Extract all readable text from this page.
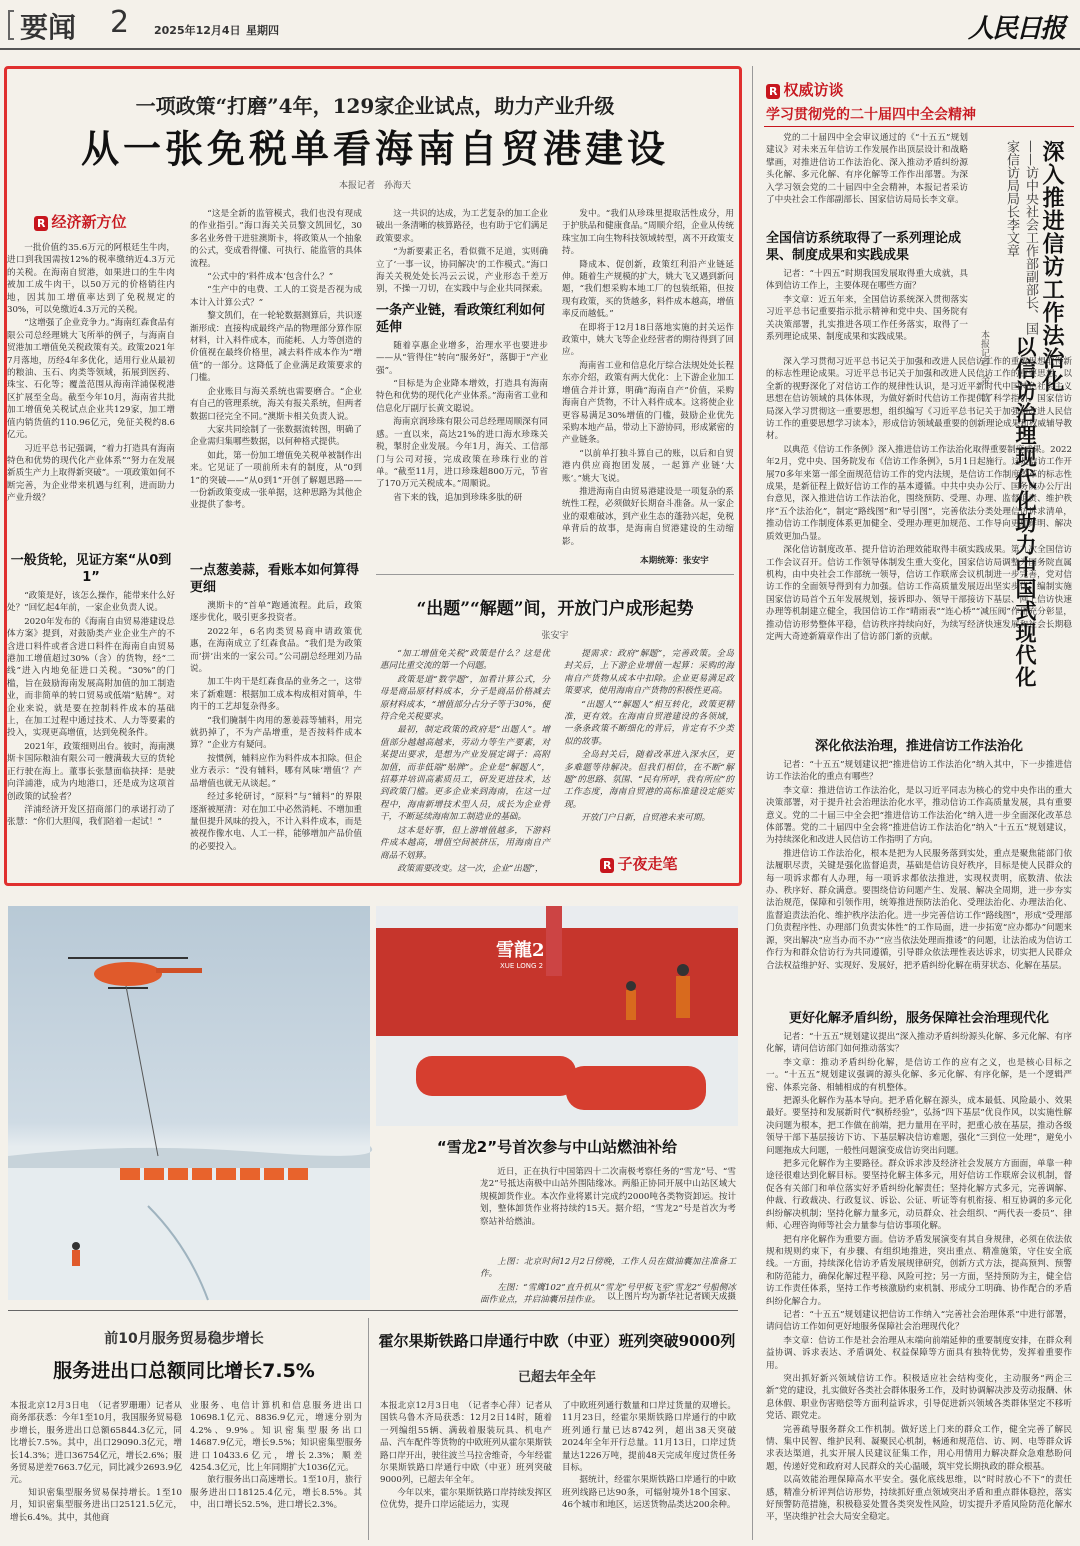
要闻 2 2025年12月4日 星期四	人民日报
一项政策“打磨”4年，129家企业试点，助力产业升级
从一张免税单看海南自贸港建设
本报记者　孙海天
R 经济新方位

一批价值约35.6万元的阿根廷生牛肉，进口到我国需按12%的税率缴纳近4.3万元的关税。在海南自贸港，如果进口的生牛肉被加工成牛肉干，以50万元的价格销往内地，因其加工增值率达到了免税规定的30%，可以免缴近4.3万元的关税。

“这增强了企业竞争力。”海南红森食品有限公司总经理姚大飞所举的例子，与海南自贸港加工增值免关税政策有关。政策2021年7月落地，历经4年多优化，适用行业从最初的粮油、玉石、肉类等领域，拓展到医药、珠宝、石化等；覆盖范围从海南洋浦保税港区扩展至全岛。截至今年10月，海南省共批加工增值免关税试点企业共129家，加工增值内销货值约110.96亿元，免征关税约8.6亿元。

习近平总书记强调，“着力打造具有海南特色和优势的现代化产业体系”“努力在发展新质生产力上取得新突破”。一项政策如何不断完善，为企业带来机遇与红利，进而助力产业升级？

一般货轮，见证方案“从0到1”

“政策是好，该怎么操作，能带来什么好处？”回忆起4年前，一家企业负责人说。

2020年发布的《海南自由贸易港建设总体方案》提到，对鼓励类产业企业生产的不含进口料件或者含进口料件在海南自由贸易港加工增值超过30%（含）的货物，经“二线”进入内地免征进口关税。“30%”的门槛，旨在鼓励海南发展高附加值的加工制造业，而非简单的转口贸易或低端“贴牌”。对企业来说，就是要在控制料件成本的基础上，在加工过程中通过技术、人力等要素的投入，实现更高增值，达到免税条件。

2021年，政策细则出台。彼时，海南澳斯卡国际粮油有限公司一艘满载大豆的货轮正行驶在海上。董事长张慧面临抉择：是驶向洋浦港，成为内地港口，还是成为这项首创政策的试验者？

洋浦经济开发区招商部门的承诺打动了张慧：“你们大胆闯，我们陪着一起试！”

“这是全新的监管模式，我们也没有现成的作业指引。”海口海关关员黎文凯回忆，30多名业务骨干进驻澳斯卡，将政策从一个抽象的公式，变成看得懂、可执行、能监管的具体流程。

“公式中的‘料件成本’包含什么？”

“生产中的电费、工人的工资是否视为成本计入计算公式？”

黎文凯们，在一轮轮数据测算后，共识逐渐形成：直接构成最终产品的物理部分算作原材料，计入料件成本，而能耗、人力等创造的价值视在最终价格里，减去料件成本作为“增值”的一部分。这降低了企业满足政策要求的门槛。

企业账目与海关系统也需要磨合。“企业有自己的管理系统，海关有报关系统，但两者数据口径完全不同。”澳斯卡相关负责人说。

大家共同绘制了一张数据流转图，明确了企业需归集哪些数据，以何种格式提供。

如此，第一份加工增值免关税单被制作出来。它见证了一项前所未有的制度，从“0到1”的突破——“从0到1”开创了解题思路——一份新政策变成一张单据，这种思路为其他企业提供了参考。

一点葱姜蒜，看账本如何算得更细

澳斯卡的“首单”跑通流程。此后，政策逐步优化，吸引更多投资者。

2022年，6名肉类贸易商申请政策优惠，在海南成立了红森食品。“我们是为政策而‘拼’出来的一家公司。”公司副总经理刘乃品说。

加工牛肉干是红森食品的业务之一，这带来了新难题：根据加工成本构成相对简单，牛肉干的工艺却复杂得多。

“我们腌制牛肉用的葱姜蒜等辅料，用完就扔掉了，不为产品增重，是否按料件成本算？”企业方有疑问。

按惯例，辅料应作为料件成本扣除。但企业方表示：“没有辅料，哪有风味‘增值’？产品增值也就无从谈起。”

经过多轮研讨，“原料”与“辅料”的界限逐渐被厘清：对在加工中必然消耗、不增加重量但提升风味的投入，不计入料件成本，而是被视作像水电、人工一样，能够增加产品价值的必要投入。

这一共识的达成，为工艺复杂的加工企业破出一条清晰的核算路径，也有助于它们满足政策要求。

“为新要素正名，看似微不足道，实则确立了‘一事一议，协同解决’的工作模式。”海口海关关税处处长冯云云说，产业形态千差万别，不操一刀切，在实践中与企业共同探索。

一条产业链，看政策红利如何延伸

随着享惠企业增多，治理水平也要进步——从“管得住”转向“服务好”，落脚于“产业强”。

“目标是为企业降本增效，打造具有海南特色和优势的现代化产业体系。”海南省工业和信息化厅副厅长黄文聪说。

海南京润珍珠有限公司总经理周顺深有同感。一直以来，高达21%的进口海水珍珠关税，掣肘企业发展。今年1月，海关、工信部门与公司对接，完成政策在珍珠行业的首单。“截至11月，进口珍珠超800万元，节省了170万元关税成本。”周顺说。

省下来的钱，追加到珍珠多肽的研

发中。“我们从珍珠里提取活性成分，用于护肤品和健康食品。”周顺介绍，企业从传统珠宝加工向生物科技领域转型，离不开政策支持。

降成本、促创新，政策红利沿产业链延伸。随着生产规模的扩大，姚大飞又遇到新问题，“我们想采购本地工厂的包装纸箱，但按现有政策，买的货越多，料件成本越高，增值率反而越低。”

在即将于12月18日落地实施的封关运作政策中，姚大飞等企业经营者的期待得到了回应。

海南省工业和信息化厅综合法规处处长程东亦介绍，政策有两大优化：上下游企业加工增值合并计算，明确“海南自产”价值，采购海南自产货物，不计入料件成本。这将使企业更容易满足30%增值的门槛，鼓励企业优先采购本地产品，带动上下游协同，形成紧密的产业链条。

“以前单打独斗算自己的账，以后和自贸港内供应商抱团发展，一起算产业链‘大账’。”姚大飞说。

推进海南自由贸易港建设是一项复杂的系统性工程，必须做好长期奋斗准备。从一家企业的艰难破冰，到产业生态的蓬勃兴起，免税单背后的故事，是海南自贸港建设的生动缩影。

本期统筹：张安宇
“出题”“解题”间，开放门户成形起势
张安宇

“加工增值免关税”政策是什么？这是优惠同比重交流的第一个问题。

政策是道“数学题”，加看计算公式，分母是商品原材料成本，分子是商品价格减去原材料成本，“增值部分占分子等于30%，便符合免关税要求。

最初，制定政策的政府是“出题人”。增值部分越越高越来，劳动力等生产要素，对某提出要求，是想为产业发展定调子：高附加值，而非低端“贴牌”。企业是“解题人”，招募并培训高素质员工，研发更进技术，达到政策门槛。更多企业来到海南，在这一过程中，海南新增技术型人员，成长为企业骨干，不断延续海南加工制造业的基础。

这本是好事，但上游增值越多，下游料件成本越高，增值空间被挤压，用海南自产商品不划算。

政策需要改变。这一次，企业“出题”，

提需求：政府“解题”，完善政策。全岛封关后，上下游企业增值一起算：采购的海南自产货物从成本中扣除。企业更易满足政策要求，使用海南自产货物的积极性更高。

“出题人”“解题人”相互转化，政策更精准，更有效。在海南自贸港建设的各领域，一条条政策不断细化的背后，肯定有不少类似的故事。

全岛封关后，随着改革进入深水区，更多难题等待解决。但我们相信，在不断“解题”的思路、氛围、“民有所呼，我有所应”的工作态度，海南自贸港的高标准建设定能实现。

开放门户日新，自贸港未来可期。

R 子夜走笔
雪龍2
XUE LONG 2
“雪龙2”号首次参与中山站燃油补给

近日，正在执行中国第四十二次南极考察任务的“雪龙”号、“雪龙2”号抵达南极中山站外围陆缘冰。两船正协同开展中山站区域大规模卸货作业。本次作业将累计完成约2000吨各类物资卸运。按计划，整体卸货作业将持续约15天。据介绍，“雪龙2”号是首次为考察站补给燃油。

上图：北京时间12月2日傍晚，工作人员在做油囊加注准备工作。

左图：“雪鹰102”直升机从“雪龙”号甲板飞至“雪龙2”号船侧冰面作业点，并启油囊吊挂作业。 以上图片均为新华社记者顾天成摄
前10月服务贸易稳步增长
服务进出口总额同比增长7.5%
本报北京12月3日电　（记者罗珊珊）记者从商务部获悉：今年1至10月，我国服务贸易稳步增长，服务进出口总额65844.3亿元，同比增长7.5%。其中，出口29090.3亿元，增长14.3%；进口36754亿元，增长2.6%；服务贸易逆差7663.7亿元，同比减少2693.9亿元。
　　知识密集型服务贸易保持增长。1至10月，知识密集型服务进出口25121.5亿元，增长6.4%。其中，其他商
业服务、电信计算机和信息服务进出口10698.1亿元、8836.9亿元，增速分别为4.2%、9.9%。知识密集型服务出口14687.9亿元，增长9.5%；知识密集型服务进口10433.6亿元，增长2.3%；顺差4254.3亿元，比上年同期扩大1036亿元。
　　旅行服务出口高速增长。1至10月，旅行服务进出口18125.4亿元，增长8.5%。其中，出口增长52.5%，进口增长2.3%。
霍尔果斯铁路口岸通行中欧（中亚）班列突破9000列
已超去年全年
本报北京12月3日电　（记者李心萍）记者从国铁乌鲁木齐局获悉：12月2日14时，随着一列编组55辆、满载着服装玩具、机电产品、汽车配件等货物的中欧班列从霍尔果斯铁路口岸开出，驶往波兰马拉舍维奇，今年经霍尔果斯铁路口岸通行中欧（中亚）班列突破9000列，已超去年全年。
　　今年以来，霍尔果斯铁路口岸持续发挥区位优势，提升口岸运能运力，实现
了中欧班列通行数量和口岸过货量的双增长。11月23日，经霍尔果斯铁路口岸通行的中欧班列通行量已达8742列，超出38天突破2024年全年开行总量。11月13日，口岸过货量达1226万吨，提前48天完成年度过货任务目标。
　　据统计，经霍尔果斯铁路口岸通行的中欧班列线路已达90条，可辐射境外18个国家、46个城市和地区，运送货物品类达200余种。
R 权威访谈
学习贯彻党的二十届四中全会精神

党的二十届四中全会审议通过的《“十五五”规划建议》对未来五年信访工作发展作出顶层设计和战略擘画，对推进信访工作法治化、深入推动矛盾纠纷源头化解、多元化解、有序化解等工作作出部署。为深入学习领会党的二十届四中全会精神，本报记者采访了中央社会工作部副部长、国家信访局局长李文章。	深入推进信访工作法治化
以信访治理现代化助力中国式现代化
——访中央社会工作部副部长、国家信访局局长李文章
本报记者　金　歆
全国信访系统取得了一系列理论成果、制度成果和实践成果

记者：“十四五”时期我国发展取得重大成就，具体到信访工作上，主要体现在哪些方面？

李文章：近五年来，全国信访系统深入贯彻落实习近平总书记重要指示批示精神和党中央、国务院有关决策部署，扎实推进各项工作任务落实，取得了一系列理论成果、制度成果和实践成果。

深入学习贯彻习近平总书记关于加强和改进人民信访工作的重要思想取得新的标志性理论成果。习近平总书记关于加强和改进人民信访工作的重要思想，以全新的视野深化了对信访工作的规律性认识，是习近平新时代中国特色社会主义思想在信访领域的具体体现，为做好新时代信访工作提供了科学指引。国家信访局深入学习贯彻这一重要思想，组织编写《习近平总书记关于加强和改进人民信访工作的重要思想学习读本》，形成信访领域最重要的创新理论成果和权威辅导教材。

以典范《信访工作条例》深入推进信访工作法治化取得重要制度成果。2022年2月，党中央、国务院发布《信访工作条例》，5月1日起施行。这是信访工作开展70多年来第一部全面规范信访工作的党内法规，是信访工作制度改革的标志性成果，是新征程上做好信访工作的基本遵循。中共中央办公厅、国务院办公厅出台意见，深入推进信访工作法治化，围绕预防、受理、办理、监督追责、维护秩序“五个法治化”，制定“路线图”和“导引图”，完善依法分类处理信访诉求清单，推动信访工作制度体系更加健全、受理办理更加规范、工作导向更加鲜明、解决质效更加凸显。

深化信访制度改革、提升信访治理效能取得丰硕实践成果。第九次全国信访工作会议召开。信访工作领导体制发生重大变化，国家信访局调整为国务院直属机构，由中央社会工作部统一领导，信访工作联席会议机制进一步完善，党对信访工作的全面领导得到有力加强。信访工作高质量发展迈出坚实步伐，编制实施国家信访局首个五年发展规划，接诉即办、领导干部接访下基层、网上信访快速办理等机制建立健全，我国信访工作“晴雨表”“连心桥”“减压阀”作用充分彰显，推动信访形势整体平稳，信访秩序持续向好，为续写经济快速发展和社会长期稳定两大奇迹新篇章作出了信访部门新的贡献。

深化依法治理，推进信访工作法治化

记者：“十五五”规划建议把“推进信访工作法治化”纳入其中，下一步推进信访工作法治化的重点有哪些？

李文章：推进信访工作法治化，是以习近平同志为核心的党中央作出的重大决策部署，对于提升社会治理法治化水平，推动信访工作高质量发展，具有重要意义。党的二十届三中全会把“推进信访工作法治化”纳入进一步全面深化改革总体部署。党的二十届四中全会将“推进信访工作法治化”纳入“十五五”规划建议，为持续深化和改进人民信访工作指明了方向。

推进信访工作法治化，根本是把为人民服务落到实处，重点是聚焦能部门依法履职尽责，关键是强化监督追责，基础是信访良好秩序，目标是使人民群众的每一项诉求都有人办理，每一项诉求都依法推进，实现权责明，底数清、依法办、秩序好、群众满意。要围绕信访问题产生、发展、解决全周期，进一步夯实法治规范，保障和引领作用，统筹推进预防法治化、受理法治化、办理法治化、监督追责法治化、维护秩序法治化。进一步完善信访工作“路线图”，形成“受理部门负责程序性、办理部门负责实体性”的工作局面，进一步拓宽“应办都办”问题来源，突出解决“应当办而不办”“应当依法处理而推诿”的问题，让法治成为信访工作行为和群众信访行为共同遵循，引导群众依法理性表达诉求，切实把人民群众合法权益维护好、实现好、发展好，把矛盾纠纷化解在萌芽状态、化解在基层。

更好化解矛盾纠纷，服务保障社会治理现代化

记者：“十五五”规划建议提出“深入推动矛盾纠纷源头化解、多元化解、有序化解，请问信访部门如何推动落实？

李文章：推动矛盾纠纷化解，是信访工作的应有之义，也是核心目标之一。“十五五”规划建议强调的源头化解、多元化解、有序化解，是一个逻辑严密、体系完备、相辅相成的有机整体。

把源头化解作为基本导向。把矛盾化解在源头，成本最低、风险最小、效果最好。要坚持和发展新时代“枫桥经验”，弘扬“四下基层”优良作风，以实施性解决问题为根本，把工作做在前端，把力量用在平时，把重心放在基层，推动各级领导干部下基层接访下访、下基层解决信访难题，强化“三到位一处理”，避免小问题拖成大问题，一般性问题演变成信访突出问题。

把多元化解作为主要路径。群众诉求涉及经济社会发展方方面面，单靠一种途径很难达到化解目标。要坚持化解主体多元，用好信访工作联席会议机制，督促各有关部门和单位落实好矛盾纠纷化解责任；坚持化解方式多元，完善调解、仲裁、行政裁决、行政复议、诉讼、公证、听证等有机衔接、相互协调的多元化纠纷解决机制；坚持化解力量多元，动员群众、社会组织、“两代表一委员”、律师、心理咨询师等社会力量参与信访事项化解。

把有序化解作为重要方面。信访矛盾发展演变有其自身规律，必须在依法依规和规则约束下，有步骤、有组织地推进，突出重点、精准施策，守住安全底线。一方面，持续深化信访矛盾发展规律研究，创新方式方法，提高预判、预警和防范能力，确保化解过程平稳、风险可控；另一方面，坚持预防为主，健全信访工作责任体系，坚持工作考核激励约束机制、形成分工明确、协作配合的矛盾纠纷化解合力。

记者：“十五五”规划建议把信访工作纳入“完善社会治理体系”中进行部署，请问信访工作如何更好地服务保障社会治理现代化？

李文章：信访工作是社会治理从末端向前端延伸的重要制度安排，在群众利益协调、诉求表达、矛盾调处、权益保障等方面具有独特优势，发挥着重要作用。

突出抓好新兴领域信访工作。积极适应社会结构变化，主动服务“两企三新”党的建设，扎实做好各类社会群体服务工作，及时协调解决涉及劳动报酬、休息休假、职业伤害赔偿等方面利益诉求，引导促进新兴领域各类群体坚定不移听党话、跟党走。

完善疏导服务群众工作机制。做好送上门来的群众工作，健全完善了解民情、集中民智、维护民利、凝聚民心机制，畅通和规范信、访、网、电等群众诉求表达渠道，扎实开展人民建议征集工作，用心用情用力解决群众急难愁盼问题，传递好党和政府对人民群众的关心温暖，筑牢党长期执政的群众根基。

以高效能治理保障高水平安全。强化底线思维，以“时时放心不下”的责任感，精准分析评判信访形势，持续抓好重点领域突出矛盾和重点群体稳控，落实好预警防范措施，积极稳妥处置各类突发性风险，切实提升矛盾风险防范化解水平，坚决维护社会大局安全稳定。
